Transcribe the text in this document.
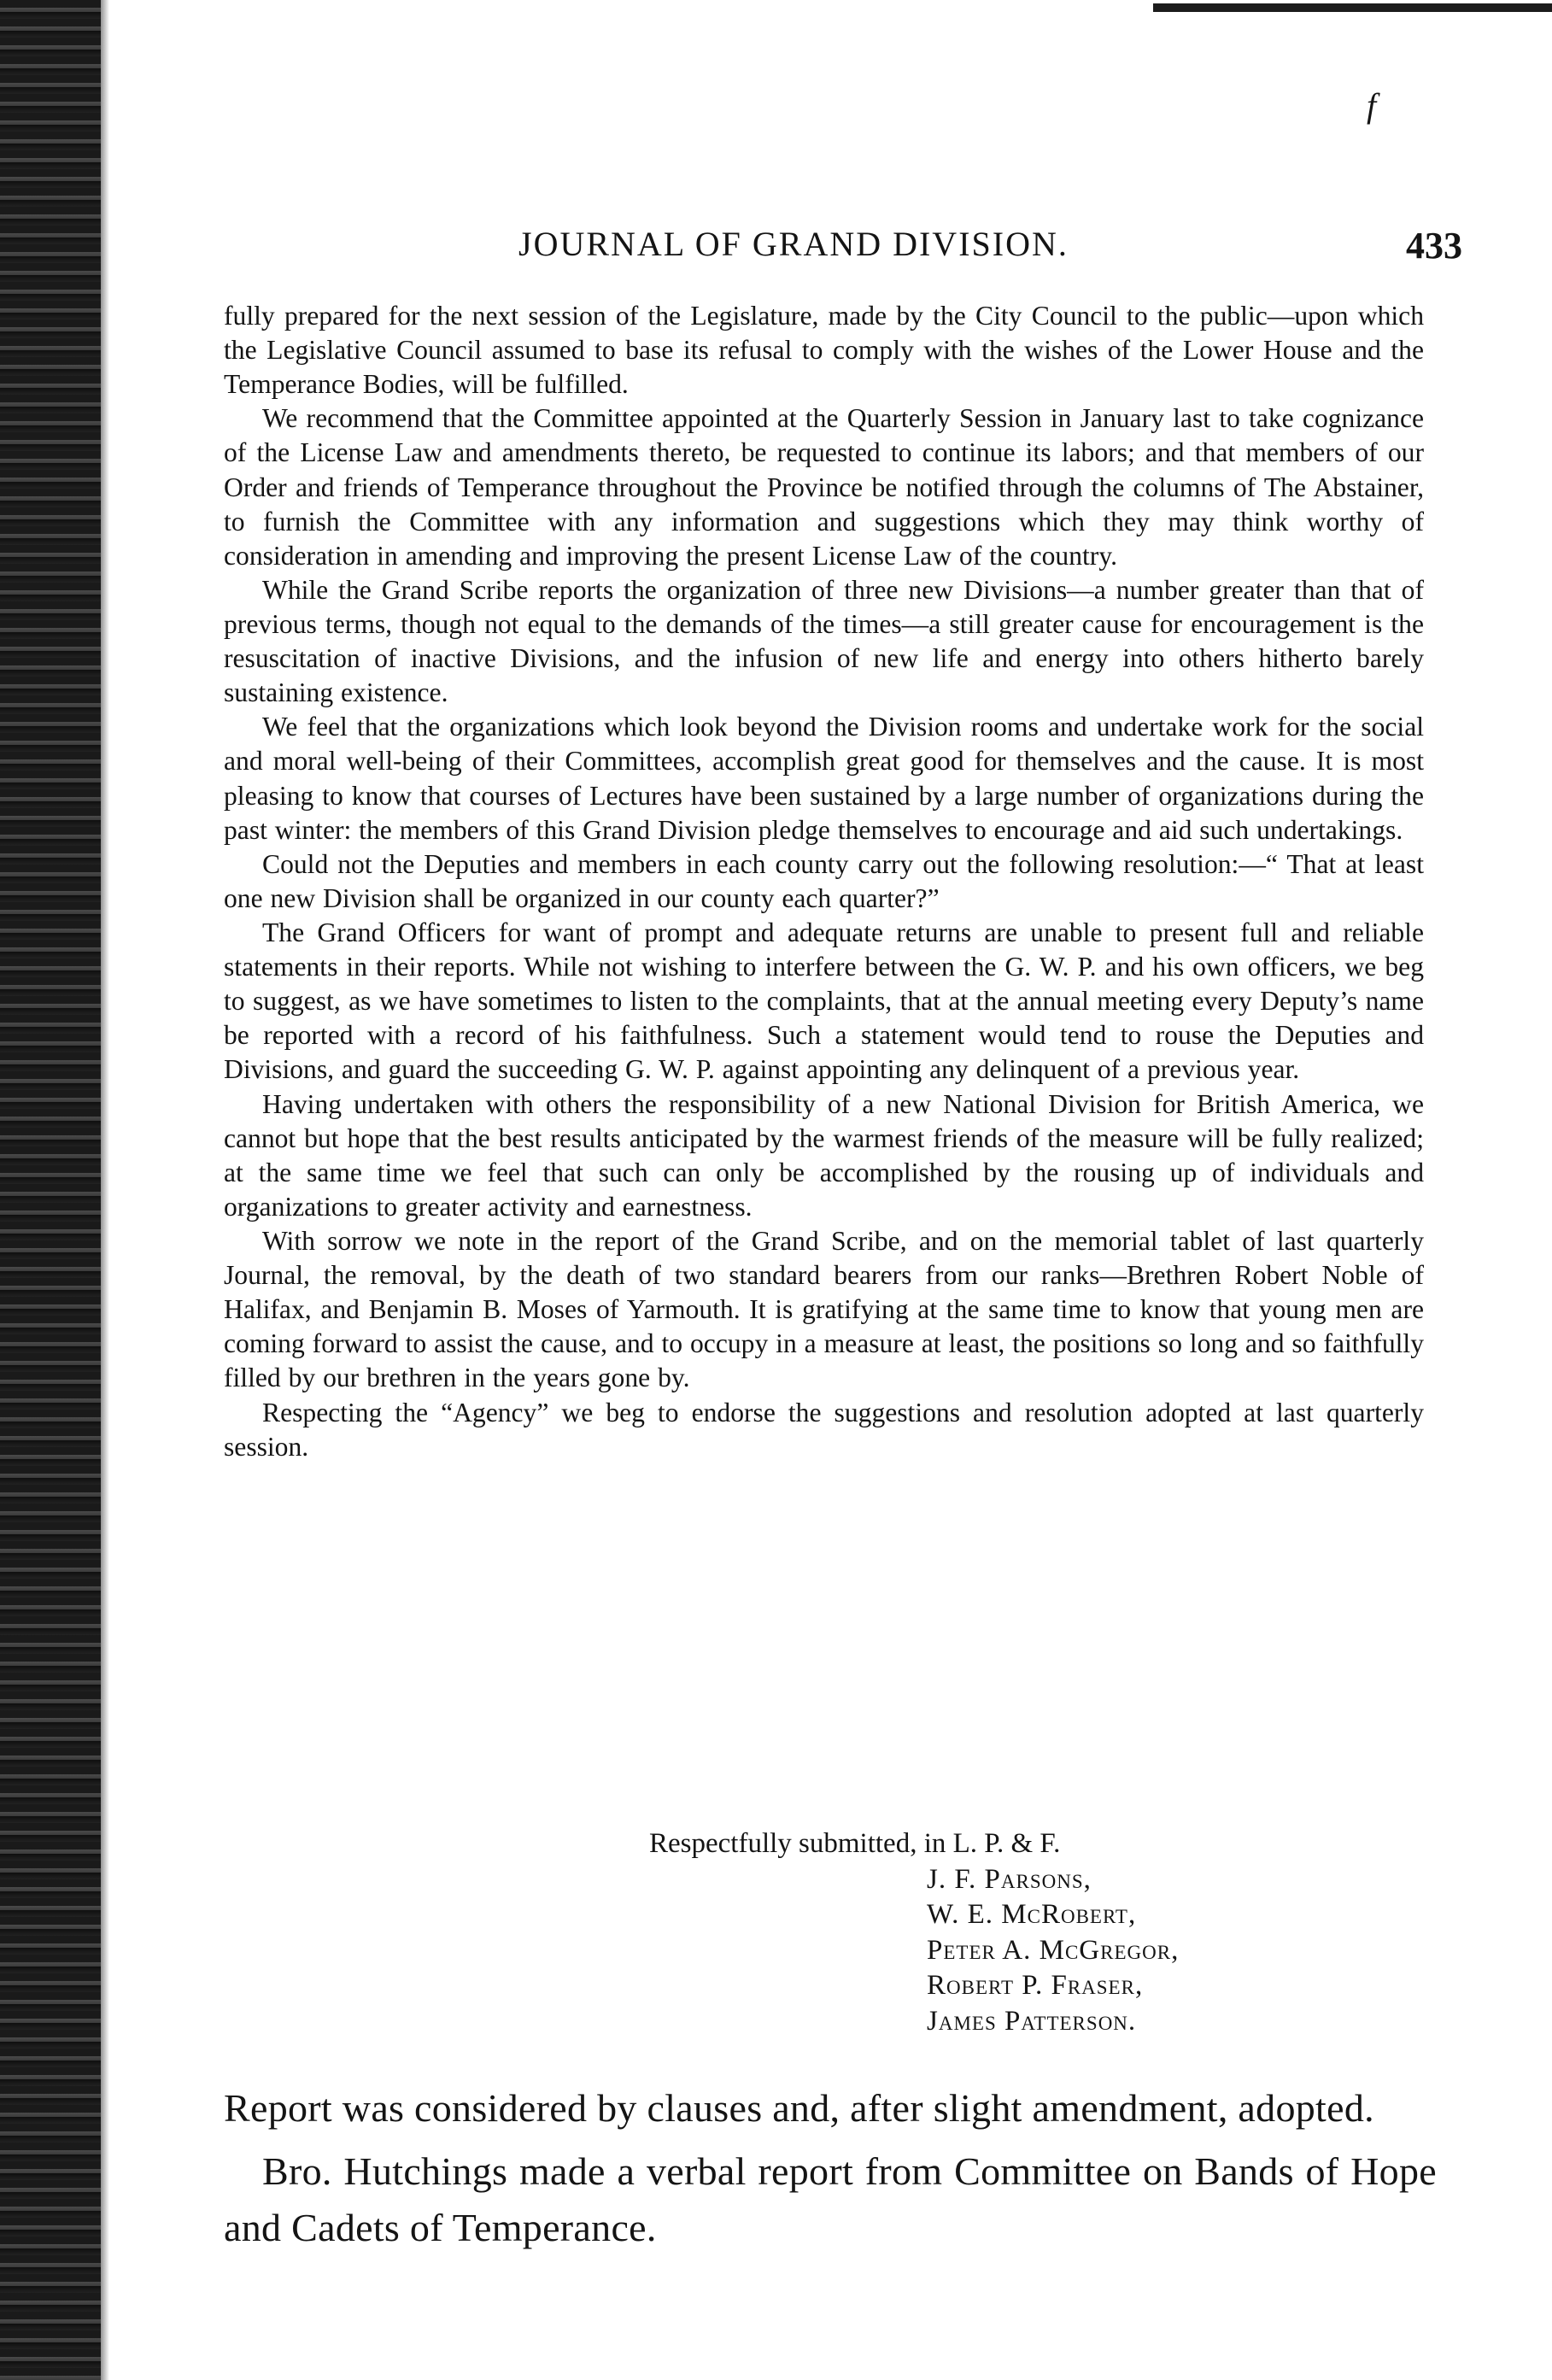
f
JOURNAL OF GRAND DIVISION.	433

fully prepared for the next session of the Legislature, made by the City Council to the public—upon which the Legislative Council assumed to base its refusal to comply with the wishes of the Lower House and the Temperance Bodies, will be fulfilled.

We recommend that the Committee appointed at the Quarterly Session in January last to take cognizance of the License Law and amendments thereto, be requested to continue its labors; and that members of our Order and friends of Temperance throughout the Province be notified through the columns of The Abstainer, to furnish the Committee with any information and suggestions which they may think worthy of consideration in amending and improving the present License Law of the country.

While the Grand Scribe reports the organization of three new Divisions—a number greater than that of previous terms, though not equal to the demands of the times—a still greater cause for encouragement is the resuscitation of inactive Divisions, and the infusion of new life and energy into others hitherto barely sustaining existence.

We feel that the organizations which look beyond the Division rooms and undertake work for the social and moral well-being of their Committees, accomplish great good for themselves and the cause. It is most pleasing to know that courses of Lectures have been sustained by a large number of organizations during the past winter: the members of this Grand Division pledge themselves to encourage and aid such undertakings.

Could not the Deputies and members in each county carry out the following resolution:—“ That at least one new Division shall be organized in our county each quarter?”

The Grand Officers for want of prompt and adequate returns are unable to present full and reliable statements in their reports. While not wishing to interfere between the G. W. P. and his own officers, we beg to suggest, as we have sometimes to listen to the complaints, that at the annual meeting every Deputy’s name be reported with a record of his faithfulness. Such a statement would tend to rouse the Deputies and Divisions, and guard the succeeding G. W. P. against appointing any delinquent of a previous year.

Having undertaken with others the responsibility of a new National Division for British America, we cannot but hope that the best results anticipated by the warmest friends of the measure will be fully realized; at the same time we feel that such can only be accomplished by the rousing up of individuals and organizations to greater activity and earnestness.

With sorrow we note in the report of the Grand Scribe, and on the memorial tablet of last quarterly Journal, the removal, by the death of two standard bearers from our ranks—Brethren Robert Noble of Halifax, and Benjamin B. Moses of Yarmouth. It is gratifying at the same time to know that young men are coming forward to assist the cause, and to occupy in a measure at least, the positions so long and so faithfully filled by our brethren in the years gone by.

Respecting the “Agency” we beg to endorse the suggestions and resolution adopted at last quarterly session.

Respectfully submitted, in L. P. & F.
J. F. Parsons,
W. E. McRobert,
Peter A. McGregor,
Robert P. Fraser,
James Patterson.

Report was considered by clauses and, after slight amendment, adopted.

Bro. Hutchings made a verbal report from Committee on Bands of Hope and Cadets of Temperance.
